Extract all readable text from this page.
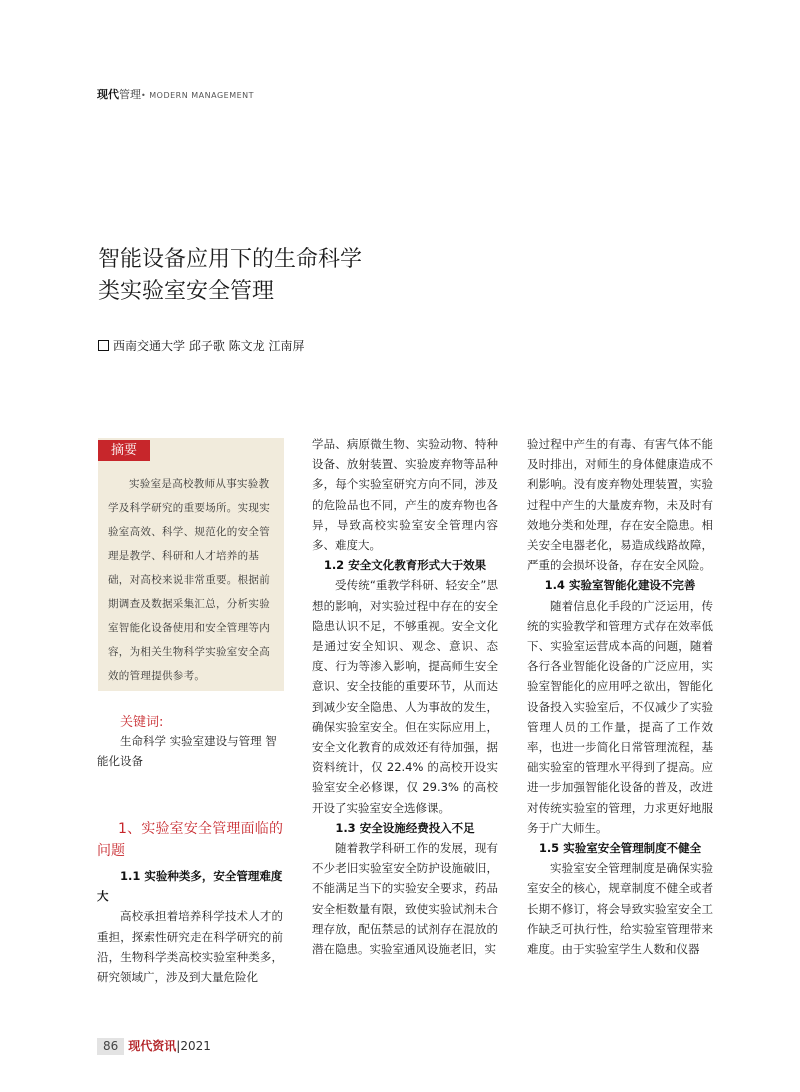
现代管理• MODERN MANAGEMENT
智能设备应用下的生命科学
类实验室安全管理
西南交通大学 邱子歌 陈文龙 江南屏
摘要
实验室是高校教师从事实验教学及科学研究的重要场所。实现实验室高效、科学、规范化的安全管理是教学、科研和人才培养的基础，对高校来说非常重要。根据前期调查及数据采集汇总，分析实验室智能化设备使用和安全管理等内容，为相关生物科学实验室安全高效的管理提供参考。
关键词:
生命科学 实验室建设与管理 智能化设备
1、实验室安全管理面临的问题
1.1 实验种类多，安全管理难度大

高校承担着培养科学技术人才的重担，探索性研究走在科学研究的前沿，生物科学类高校实验室种类多，研究领域广，涉及到大量危险化

学品、病原微生物、实验动物、特种设备、放射装置、实验废弃物等品种多，每个实验室研究方向不同，涉及的危险品也不同，产生的废弃物也各异，导致高校实验室安全管理内容多、难度大。

1.2 安全文化教育形式大于效果

受传统“重教学科研、轻安全”思想的影响，对实验过程中存在的安全隐患认识不足，不够重视。安全文化是通过安全知识、观念、意识、态度、行为等渗入影响，提高师生安全意识、安全技能的重要环节，从而达到减少安全隐患、人为事故的发生，确保实验室安全。但在实际应用上，安全文化教育的成效还有待加强，据资料统计，仅 22.4% 的高校开设实验室安全必修课，仅 29.3% 的高校开设了实验室安全选修课。

1.3 安全设施经费投入不足

随着教学科研工作的发展，现有不少老旧实验室安全防护设施破旧，不能满足当下的实验安全要求，药品安全柜数量有限，致使实验试剂未合理存放，配伍禁忌的试剂存在混放的潜在隐患。实验室通风设施老旧，实

验过程中产生的有毒、有害气体不能及时排出，对师生的身体健康造成不利影响。没有废弃物处理装置，实验过程中产生的大量废弃物，未及时有效地分类和处理，存在安全隐患。相关安全电器老化，易造成线路故障，严重的会损坏设备，存在安全风险。

1.4 实验室智能化建设不完善

随着信息化手段的广泛运用，传统的实验教学和管理方式存在效率低下、实验室运营成本高的问题，随着各行各业智能化设备的广泛应用，实验室智能化的应用呼之欲出，智能化设备投入实验室后，不仅减少了实验管理人员的工作量，提高了工作效率，也进一步简化日常管理流程，基础实验室的管理水平得到了提高。应进一步加强智能化设备的普及，改进对传统实验室的管理，力求更好地服务于广大师生。

1.5 实验室安全管理制度不健全

实验室安全管理制度是确保实验室安全的核心，规章制度不健全或者长期不修订，将会导致实验室安全工作缺乏可执行性，给实验室管理带来难度。由于实验室学生人数和仪器

86 现代资讯|2021
